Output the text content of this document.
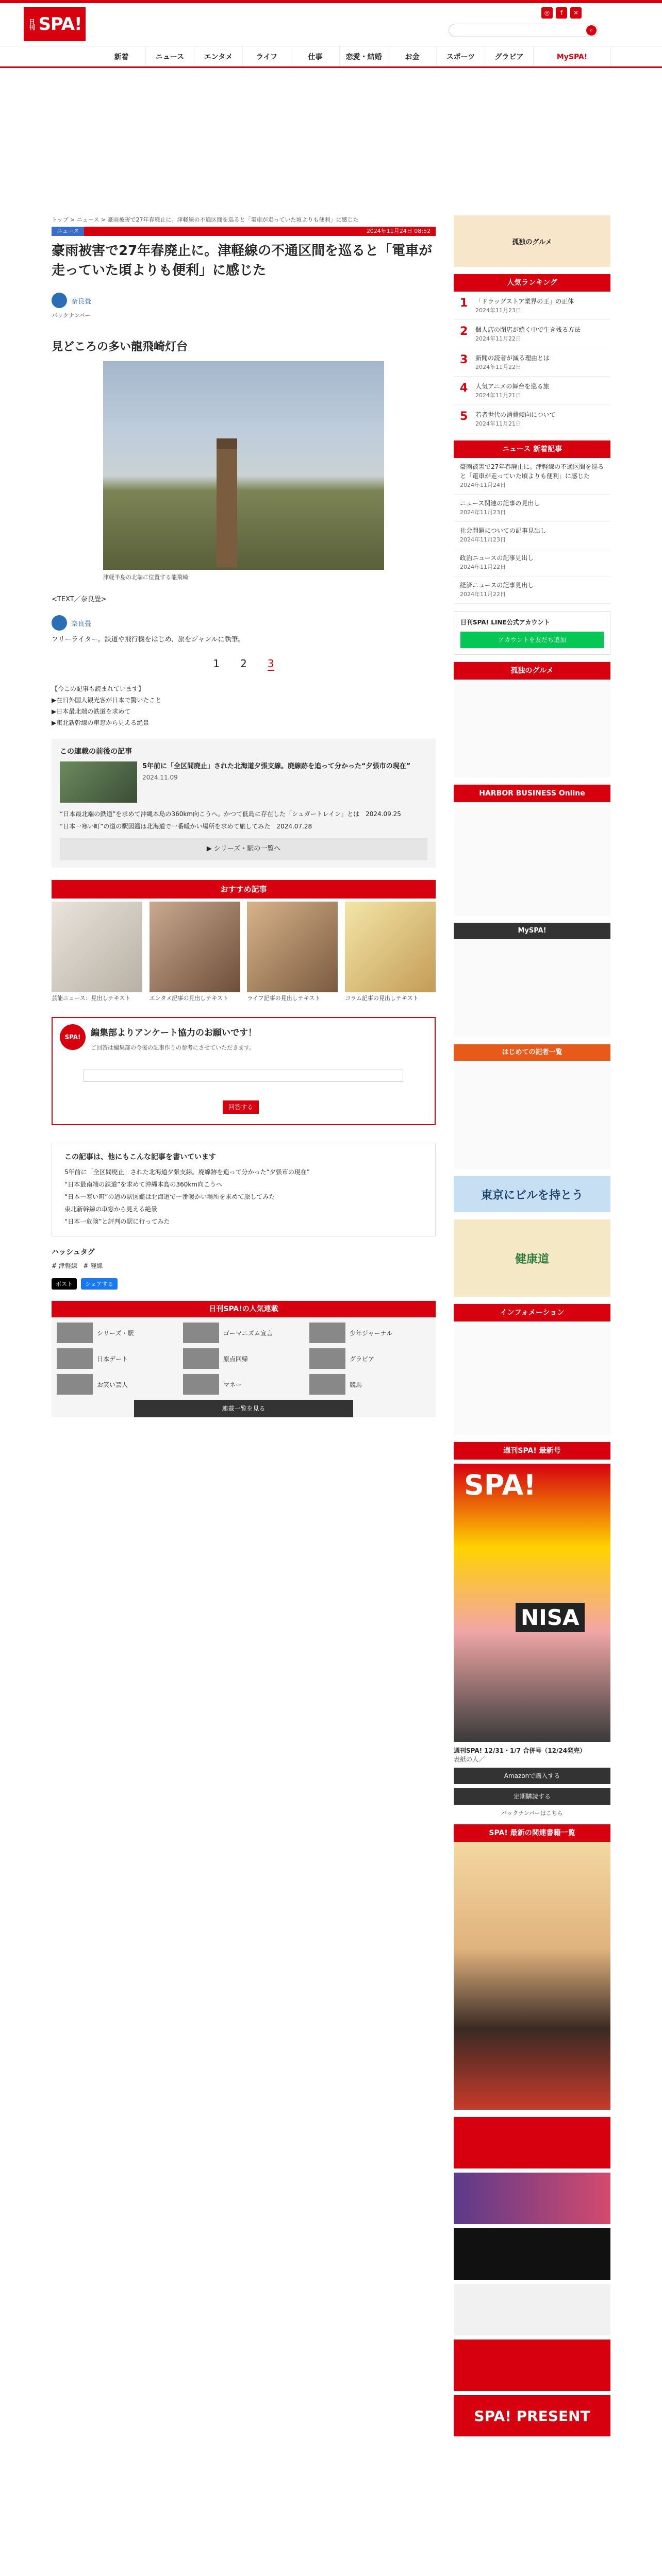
日刊 SPA!
◎	f	✕
⌕
新着	ニュース	エンタメ	ライフ	仕事	恋愛・結婚	お金	スポーツ	グラビア	MySPA!
トップ > ニュース > 豪雨被害で27年春廃止に。津軽線の不通区間を巡ると「電車が走っていた頃よりも便利」に感じた
ニュース	2024年11月24日 08:52
豪雨被害で27年春廃止に。津軽線の不通区間を巡ると「電車が走っていた頃よりも便利」に感じた
奈良畳
バックナンバー
見どころの多い龍飛崎灯台
津軽半島の北端に位置する龍飛崎
<TEXT／奈良畳>
奈良畳
フリーライター。鉄道や飛行機をはじめ、旅をジャンルに執筆。
1 2 3
【今この記事も読まれています】
▶在日外国人観光客が日本で驚いたこと
▶日本最北端の鉄道を求めて
▶東北新幹線の車窓から見える絶景
この連載の前後の記事
5年前に「全区間廃止」された北海道夕張支線。廃線跡を追って分かった“夕張市の現在”
2024.11.09
“日本最北端の鉄道”を求めて沖縄本島の360km向こうへ。かつて低島に存在した「シュガートレイン」とは　2024.09.25
“日本一寒い町”の道の駅図鑑は北海道で一番暖かい場所を求めて旅してみた　2024.07.28
▶ シリーズ・駅の一覧へ
おすすめ記事
芸能ニュース：見出しテキスト	エンタメ記事の見出しテキスト	ライフ記事の見出しテキスト	コラム記事の見出しテキスト
SPA!	編集部よりアンケート協力のお願いです！
ご回答は編集部の今後の記事作りの参考にさせていただきます。
回答する
この記事は、他にもこんな記事を書いています
5年前に「全区間廃止」された北海道夕張支線。廃線跡を追って分かった“夕張市の現在”
“日本最南端の鉄道”を求めて沖縄本島の360km向こうへ
“日本一寒い町”の道の駅図鑑は北海道で一番暖かい場所を求めて旅してみた
東北新幹線の車窓から見える絶景
“日本一危険”と評判の駅に行ってみた
ハッシュタグ
# 津軽線 # 廃線
ポスト	シェアする
日刊SPA!の人気連載
シリーズ・駅	ゴーマニズム宣言	少年ジャーナル
日本デート	原点回帰	グラビア
お笑い芸人	マネー	競馬
連載一覧を見る
孤独のグルメ
人気ランキング
1	「ドラッグストア業界の王」の正体
2024年11月23日
2	個人店の閉店が続く中で生き残る方法
2024年11月22日
3	新聞の読者が減る理由とは
2024年11月22日
4	人気アニメの舞台を巡る旅
2024年11月21日
5	若者世代の消費傾向について
2024年11月21日
ニュース 新着記事
豪雨被害で27年春廃止に。津軽線の不通区間を巡ると「電車が走っていた頃よりも便利」に感じた
2024年11月24日
ニュース関連の記事の見出し
2024年11月23日
社会問題についての記事見出し
2024年11月23日
政治ニュースの記事見出し
2024年11月22日
経済ニュースの記事見出し
2024年11月22日
日刊SPA! LINE公式アカウント
アカウントを友だち追加
孤独のグルメ
HARBOR BUSINESS Online
MySPA!
はじめての記者一覧
東京にビルを持とう
健康道
インフォメーション
週刊SPA! 最新号
SPA!
NISA
週刊SPA! 12/31・1/7 合併号（12/24発売）
表紙の人／
Amazonで購入する
定期購読する
バックナンバーはこちら
SPA! 最新の関連書籍一覧
SPA! PRESENT
